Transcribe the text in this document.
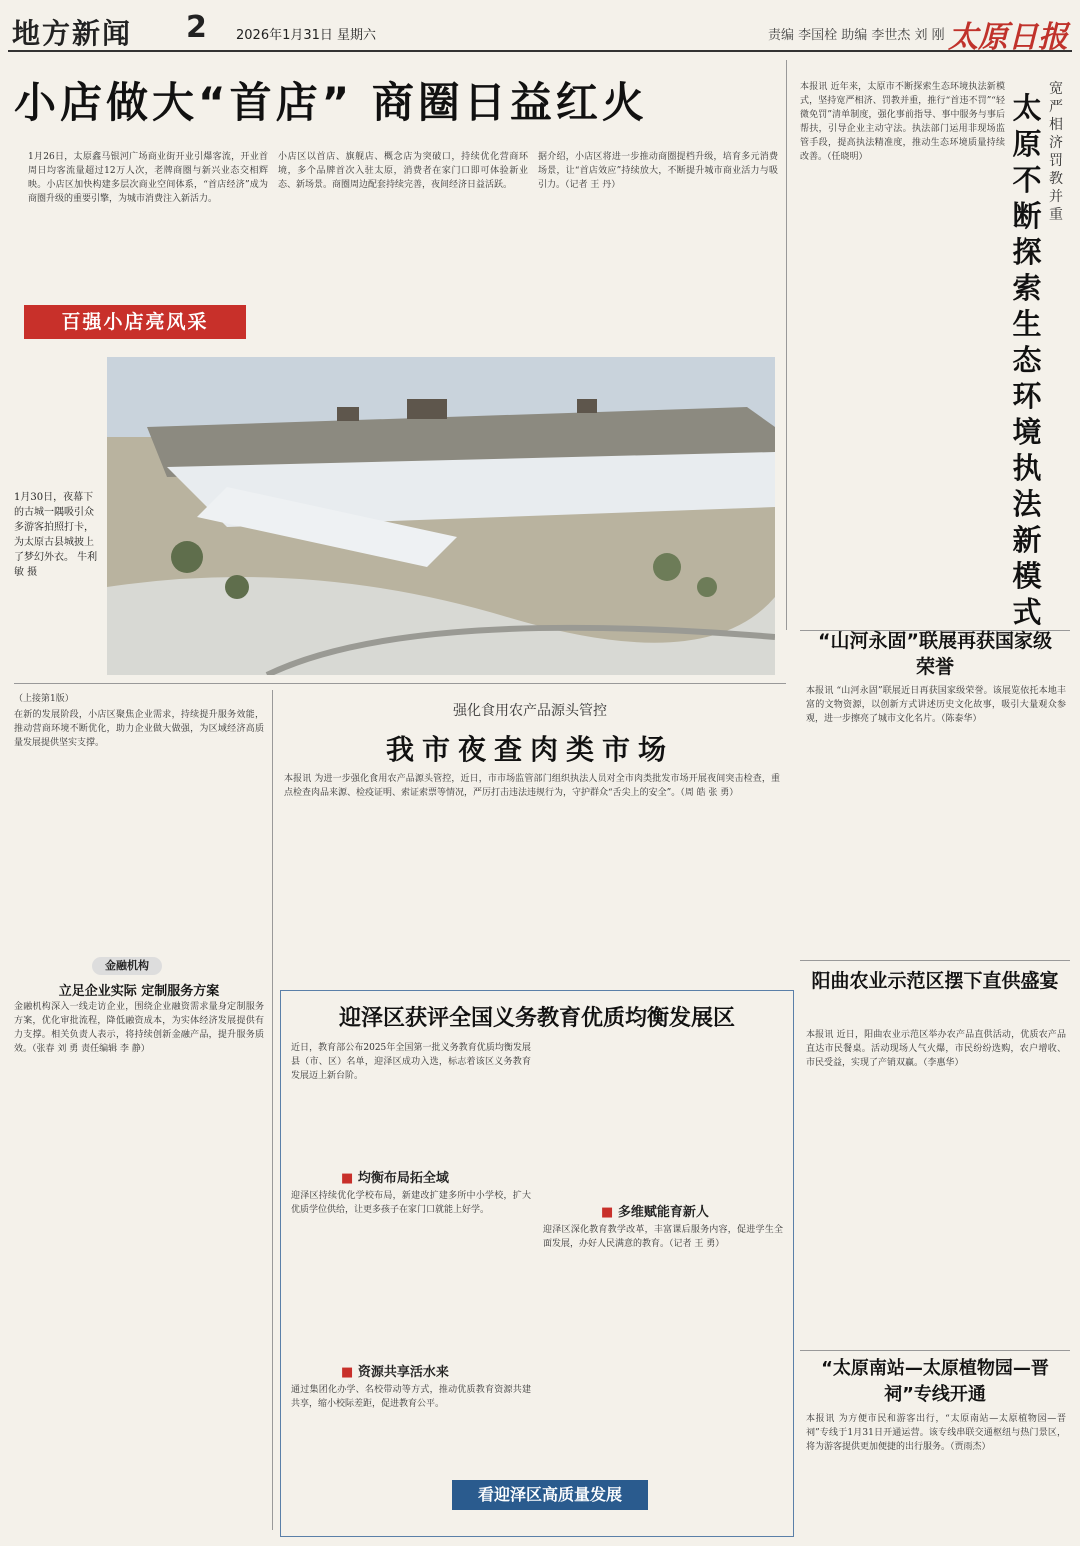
地方新闻 2 2026年1月31日 星期六	责编 李国栓 助编 李世杰 刘 刚 太原日报
小店做大“首店” 商圈日益红火
1月26日，太原鑫马银河广场商业街开业引爆客流，开业首周日均客流量超过12万人次，老牌商圈与新兴业态交相辉映。小店区加快构建多层次商业空间体系，“首店经济”成为商圈升级的重要引擎，为城市消费注入新活力。
小店区以首店、旗舰店、概念店为突破口，持续优化营商环境，多个品牌首次入驻太原，消费者在家门口即可体验新业态、新场景。商圈周边配套持续完善，夜间经济日益活跃。
据介绍，小店区将进一步推动商圈提档升级，培育多元消费场景，让“首店效应”持续放大，不断提升城市商业活力与吸引力。（记者 王 丹）
百强小店亮风采
1月30日，夜幕下的古城一隅吸引众多游客拍照打卡，为太原古县城披上了梦幻外衣。 牛利敏 摄
宽严相济 罚教并重
太原不断探索生态环境执法新模式
本报讯 近年来，太原市不断探索生态环境执法新模式，坚持宽严相济、罚教并重，推行“首违不罚”“轻微免罚”清单制度，强化事前指导、事中服务与事后帮扶，引导企业主动守法。执法部门运用非现场监管手段，提高执法精准度，推动生态环境质量持续改善。（任晓明）
（上接第1版）
在新的发展阶段，小店区聚焦企业需求，持续提升服务效能，推动营商环境不断优化，助力企业做大做强，为区域经济高质量发展提供坚实支撑。
金融机构
立足企业实际 定制服务方案
金融机构深入一线走访企业，围绕企业融资需求量身定制服务方案，优化审批流程，降低融资成本，为实体经济发展提供有力支撑。相关负责人表示，将持续创新金融产品，提升服务质效。（张春 刘 勇 责任编辑 李 静）
强化食用农产品源头管控
我市夜查肉类市场
本报讯 为进一步强化食用农产品源头管控，近日，市市场监管部门组织执法人员对全市肉类批发市场开展夜间突击检查，重点检查肉品来源、检疫证明、索证索票等情况，严厉打击违法违规行为，守护群众“舌尖上的安全”。（周 皓 张 勇）
“山河永固”联展再获国家级荣誉
本报讯 “山河永固”联展近日再获国家级荣誉。该展览依托本地丰富的文物资源，以创新方式讲述历史文化故事，吸引大量观众参观，进一步擦亮了城市文化名片。（陈泰华）
阳曲农业示范区摆下直供盛宴
本报讯 近日，阳曲农业示范区举办农产品直供活动，优质农产品直达市民餐桌。活动现场人气火爆，市民纷纷选购，农户增收、市民受益，实现了产销双赢。（李惠华）
“太原南站—太原植物园—晋祠”专线开通
本报讯 为方便市民和游客出行，“太原南站—太原植物园—晋祠”专线于1月31日开通运营。该专线串联交通枢纽与热门景区，将为游客提供更加便捷的出行服务。（贾雨杰）
迎泽区获评全国义务教育优质均衡发展区
近日，教育部公布2025年全国第一批义务教育优质均衡发展县（市、区）名单，迎泽区成功入选，标志着该区义务教育发展迈上新台阶。
■ 均衡布局拓全域
迎泽区持续优化学校布局，新建改扩建多所中小学校，扩大优质学位供给，让更多孩子在家门口就能上好学。
■ 资源共享活水来
通过集团化办学、名校带动等方式，推动优质教育资源共建共享，缩小校际差距，促进教育公平。
■ 多维赋能育新人
迎泽区深化教育教学改革，丰富课后服务内容，促进学生全面发展，办好人民满意的教育。（记者 王 勇）
看迎泽区高质量发展
